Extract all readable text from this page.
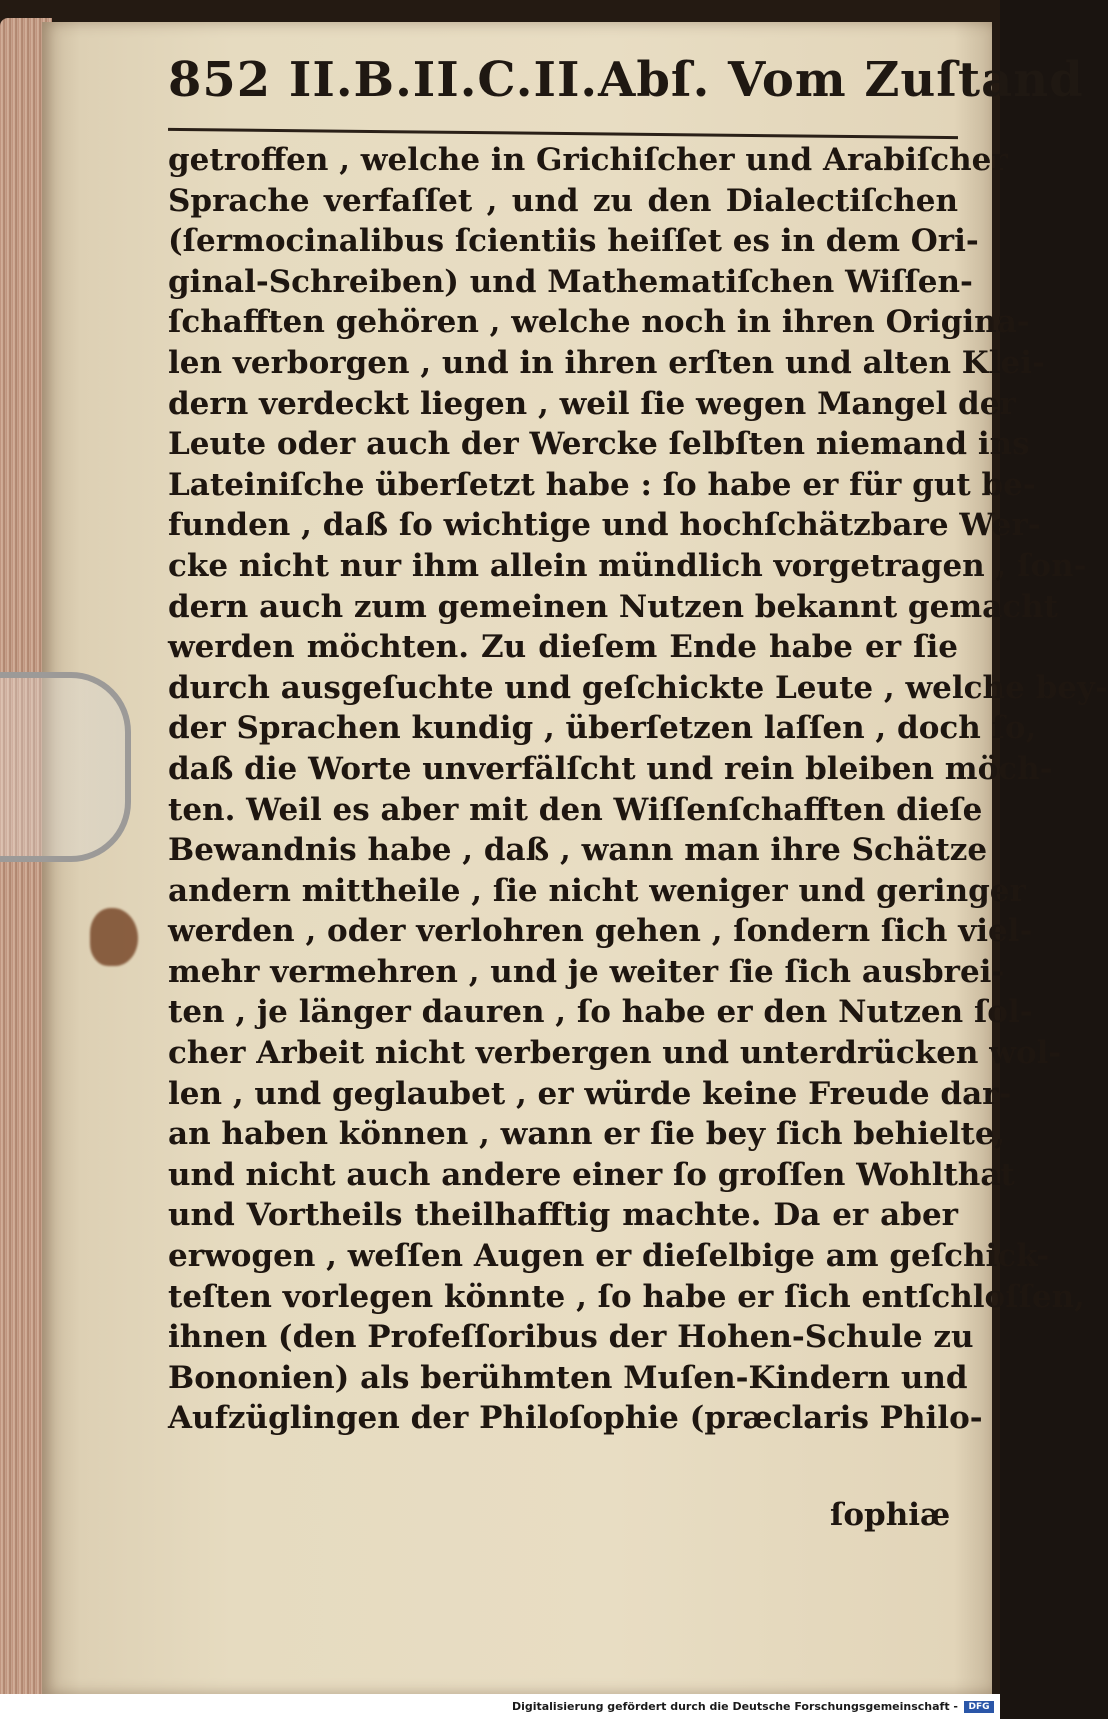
852 II.B.II.C.II.Abſ. Vom Zuſtand
getroffen , welche in Grichiſcher und Arabiſcher
Sprache verfaſſet , und zu den Dialectiſchen
(ſermocinalibus ſcientiis heiſſet es in dem Ori-
ginal-Schreiben) und Mathematiſchen Wiſſen-
ſchafften gehören , welche noch in ihren Origina-
len verborgen , und in ihren erſten und alten Klei-
dern verdeckt liegen , weil ſie wegen Mangel der
Leute oder auch der Wercke ſelbſten niemand ins
Lateiniſche überſetzt habe : ſo habe er für gut be-
funden , daß ſo wichtige und hochſchätzbare Wer-
cke nicht nur ihm allein mündlich vorgetragen , ſon-
dern auch zum gemeinen Nutzen bekannt gemacht
werden möchten. Zu dieſem Ende habe er ſie
durch ausgeſuchte und geſchickte Leute , welche bey-
der Sprachen kundig , überſetzen laſſen , doch ſo,
daß die Worte unverfälſcht und rein bleiben möch-
ten. Weil es aber mit den Wiſſenſchafften dieſe
Bewandnis habe , daß , wann man ihre Schätze
andern mittheile , ſie nicht weniger und geringer
werden , oder verlohren gehen , ſondern ſich viel-
mehr vermehren , und je weiter ſie ſich ausbrei-
ten , je länger dauren , ſo habe er den Nutzen ſol-
cher Arbeit nicht verbergen und unterdrücken wol-
len , und geglaubet , er würde keine Freude dar-
an haben können , wann er ſie bey ſich behielte,
und nicht auch andere einer ſo groſſen Wohlthat
und Vortheils theilhafftig machte. Da er aber
erwogen , weſſen Augen er dieſelbige am geſchick-
teſten vorlegen könnte , ſo habe er ſich entſchloſſen,
ihnen (den Profeſſoribus der Hohen-Schule zu
Bononien) als berühmten Muſen-Kindern und
Aufzüglingen der Philoſophie (præclaris Philo-
ſophiæ
Digitalisierung gefördert durch die Deutsche Forschungsgemeinschaft -	DFG
